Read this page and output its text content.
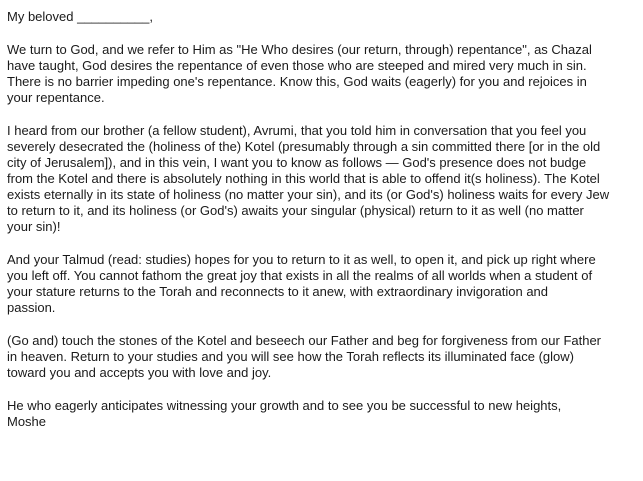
My beloved __________,

We turn to God, and we refer to Him as "He Who desires (our return, through) repentance", as Chazal
have taught, God desires the repentance of even those who are steeped and mired very much in sin.
There is no barrier impeding one's repentance. Know this, God waits (eagerly) for you and rejoices in
your repentance.

I heard from our brother (a fellow student), Avrumi, that you told him in conversation that you feel you
severely desecrated the (holiness of the) Kotel (presumably through a sin committed there [or in the old
city of Jerusalem]), and in this vein, I want you to know as follows — God's presence does not budge
from the Kotel and there is absolutely nothing in this world that is able to offend it(s holiness). The Kotel
exists eternally in its state of holiness (no matter your sin), and its (or God's) holiness waits for every Jew
to return to it, and its holiness (or God's) awaits your singular (physical) return to it as well (no matter
your sin)!

And your Talmud (read: studies) hopes for you to return to it as well, to open it, and pick up right where
you left off. You cannot fathom the great joy that exists in all the realms of all worlds when a student of
your stature returns to the Torah and reconnects to it anew, with extraordinary invigoration and
passion.

(Go and) touch the stones of the Kotel and beseech our Father and beg for forgiveness from our Father
in heaven. Return to your studies and you will see how the Torah reflects its illuminated face (glow)
toward you and accepts you with love and joy.

He who eagerly anticipates witnessing your growth and to see you be successful to new heights,
Moshe
